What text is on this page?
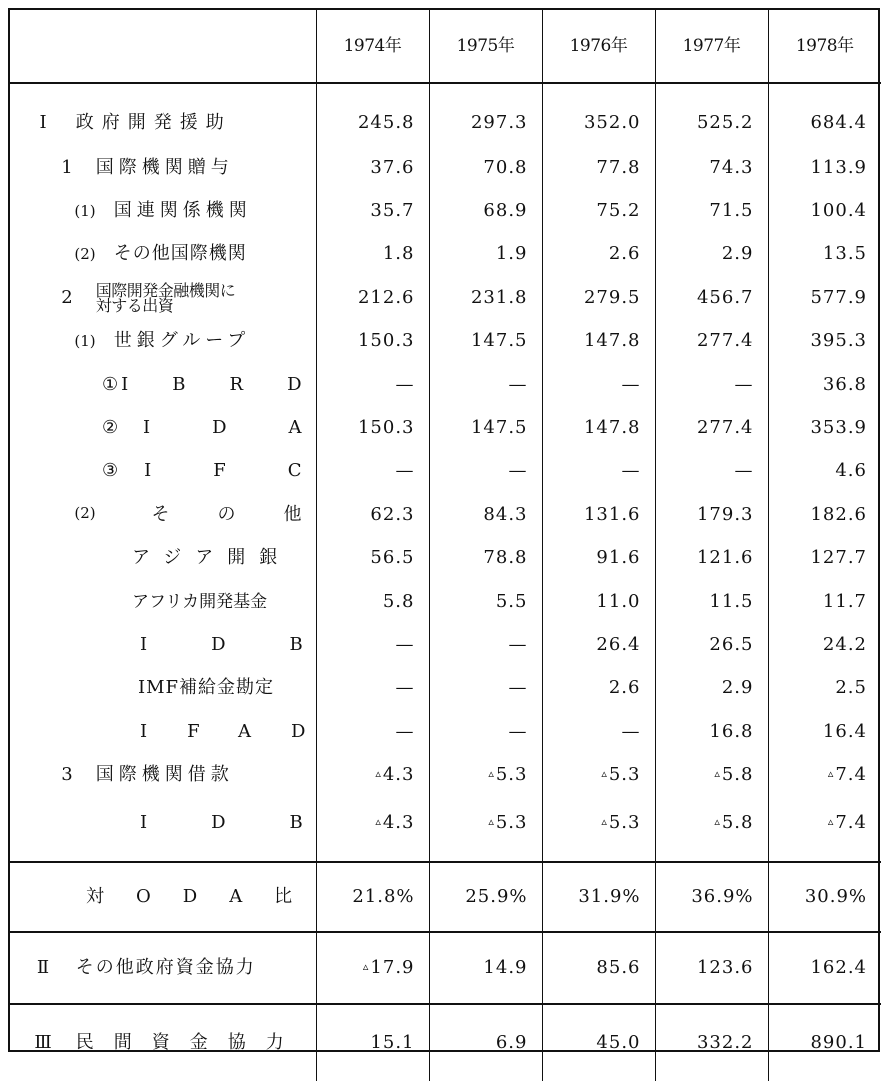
	1974年	1975年	1976年	1977年	1978年
Ⅰ 政府開発援助	245.8	297.3	352.0	525.2	684.4
1 国際機関贈与	37.6	70.8	77.8	74.3	113.9
(1) 国連関係機関	35.7	68.9	75.2	71.5	100.4
(2) その他国際機関	1.8	1.9	2.6	2.9	13.5
2 国際開発金融機関に
対する出資	212.6	231.8	279.5	456.7	577.9
(1) 世銀グループ	150.3	147.5	147.8	277.4	395.3

① IBRD	—	—	—	—	36.8

② IDA	150.3	147.5	147.8	277.4	353.9

③ IFC	—	—	—	—	4.6

(2) その他	62.3	84.3	131.6	179.3	182.6
アジア開銀	56.5	78.8	91.6	121.6	127.7
アフリカ開発基金	5.8	5.5	11.0	11.5	11.7
IDB	—	—	26.4	26.5	24.2
IMF補給金勘定	—	—	2.6	2.9	2.5
IFAD	—	—	—	16.8	16.4
3 国際機関借款	▵4.3	▵5.3	▵5.3	▵5.8	▵7.4
IDB	▵4.3	▵5.3	▵5.3	▵5.8	▵7.4
対ODA比	21.8%	25.9%	31.9%	36.9%	30.9%
Ⅱ その他政府資金協力	▵17.9	14.9	85.6	123.6	162.4
Ⅲ 民間資金協力	15.1	6.9	45.0	332.2	890.1
